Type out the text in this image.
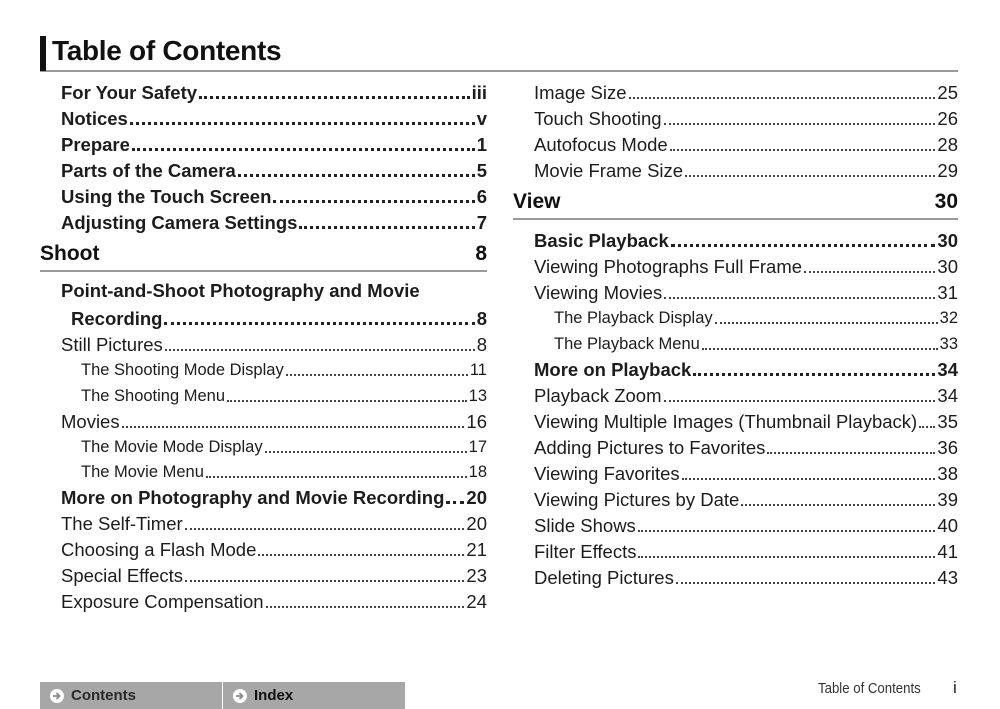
Table of Contents
For Your Safety	iii
Notices	v
Prepare	1
Parts of the Camera	5
Using the Touch Screen	6
Adjusting Camera Settings	7
Shoot	8
Point-and-Shoot Photography and Movie
Recording	8
Still Pictures	8
The Shooting Mode Display	11
The Shooting Menu	13
Movies	16
The Movie Mode Display	17
The Movie Menu	18
More on Photography and Movie Recording 20
The Self-Timer	20
Choosing a Flash Mode	21
Special Effects	23
Exposure Compensation	24
Image Size	25
Touch Shooting	26
Autofocus Mode	28
Movie Frame Size	29
View	30
Basic Playback	30
Viewing Photographs Full Frame	30
Viewing Movies	31
The Playback Display	32
The Playback Menu	33
More on Playback	34
Playback Zoom	34
Viewing Multiple Images (Thumbnail Playback) 35
Adding Pictures to Favorites	36
Viewing Favorites	38
Viewing Pictures by Date	39
Slide Shows	40
Filter Effects	41
Deleting Pictures	43
Contents	Index	Table of Contents i
